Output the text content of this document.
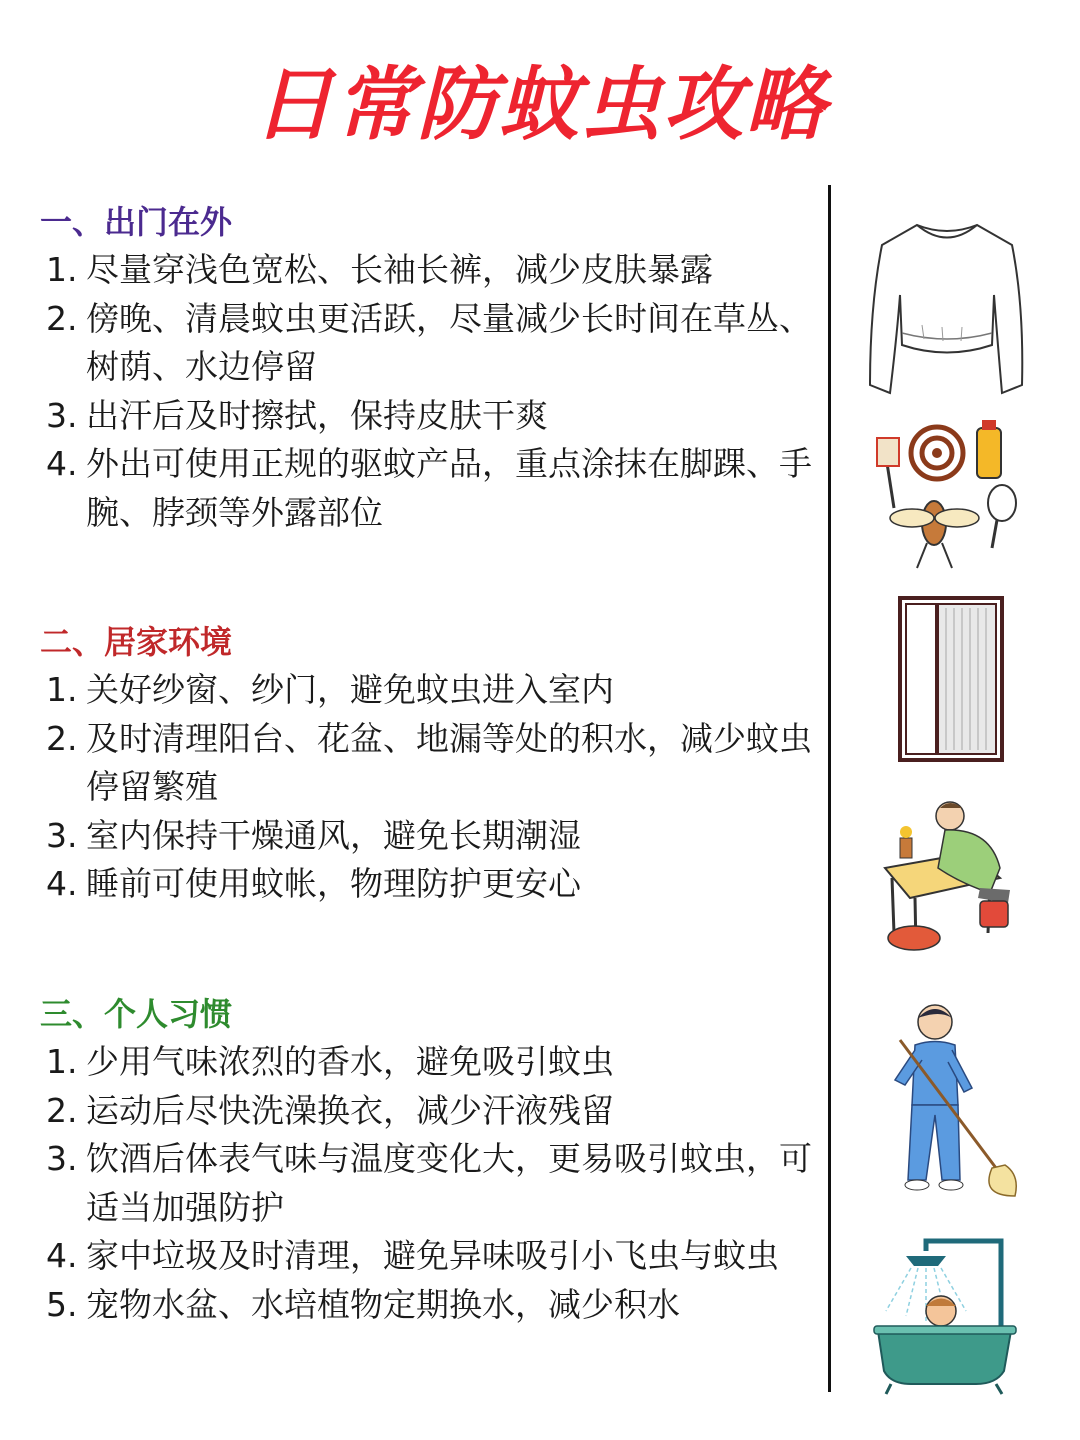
日常防蚊虫攻略
一、出门在外
1. 尽量穿浅色宽松、长袖长裤，减少皮肤暴露
2. 傍晚、清晨蚊虫更活跃，尽量减少长时间在草丛、树荫、水边停留
3. 出汗后及时擦拭，保持皮肤干爽
4. 外出可使用正规的驱蚊产品，重点涂抹在脚踝、手腕、脖颈等外露部位
二、居家环境
1. 关好纱窗、纱门，避免蚊虫进入室内
2. 及时清理阳台、花盆、地漏等处的积水，减少蚊虫停留繁殖
3. 室内保持干燥通风，避免长期潮湿
4. 睡前可使用蚊帐，物理防护更安心
三、个人习惯
1. 少用气味浓烈的香水，避免吸引蚊虫
2. 运动后尽快洗澡换衣，减少汗液残留
3. 饮酒后体表气味与温度变化大，更易吸引蚊虫，可适当加强防护
4. 家中垃圾及时清理，避免异味吸引小飞虫与蚊虫
5. 宠物水盆、水培植物定期换水，减少积水
